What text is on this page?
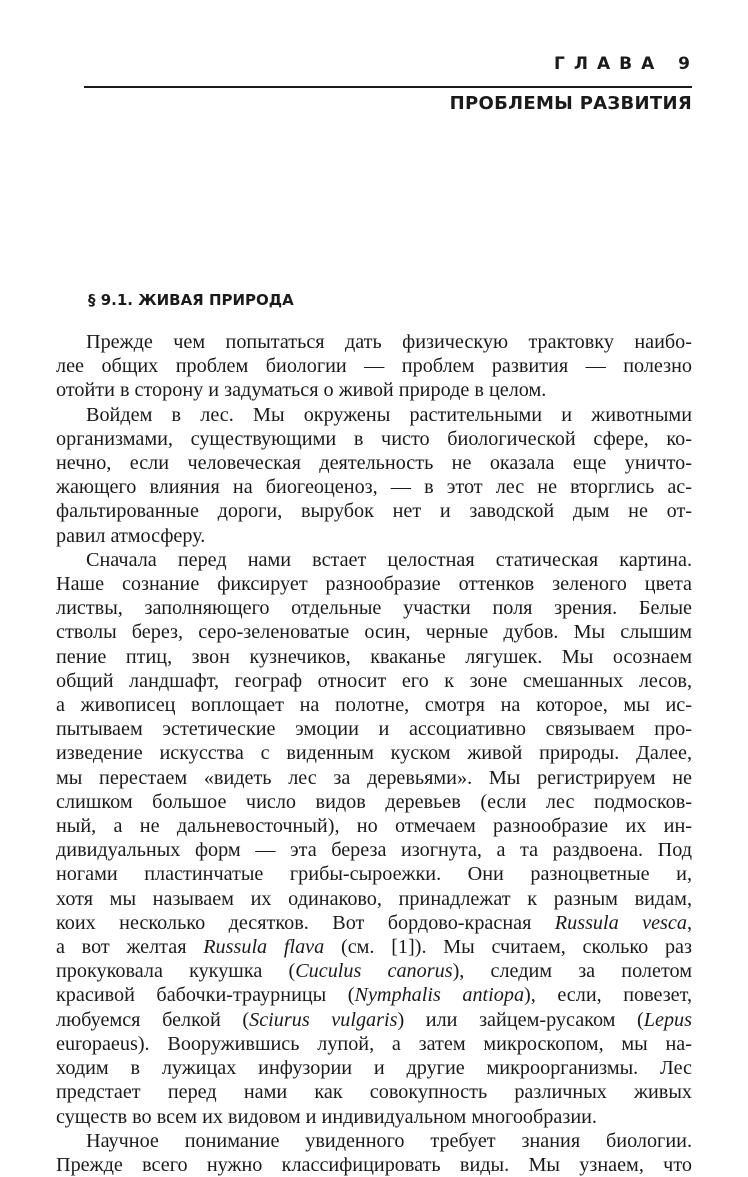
ГЛАВА 9
ПРОБЛЕМЫ РАЗВИТИЯ
§ 9.1. ЖИВАЯ ПРИРОДА

Прежде чем попытаться дать физическую трактовку наибо-
лее общих проблем биологии — проблем развития — полезно
отойти в сторону и задуматься о живой природе в целом.

Войдем в лес. Мы окружены растительными и животными
организмами, существующими в чисто биологической сфере, ко-
нечно, если человеческая деятельность не оказала еще уничто-
жающего влияния на биогеоценоз, — в этот лес не вторглись ас-
фальтированные дороги, вырубок нет и заводской дым не от-
равил атмосферу.

Сначала перед нами встает целостная статическая картина.
Наше сознание фиксирует разнообразие оттенков зеленого цвета
листвы, заполняющего отдельные участки поля зрения. Белые
стволы берез, серо-зеленоватые осин, черные дубов. Мы слышим
пение птиц, звон кузнечиков, кваканье лягушек. Мы осознаем
общий ландшафт, географ относит его к зоне смешанных лесов,
а живописец воплощает на полотне, смотря на которое, мы ис-
пытываем эстетические эмоции и ассоциативно связываем про-
изведение искусства с виденным куском живой природы. Далее,
мы перестаем «видеть лес за деревьями». Мы регистрируем не
слишком большое число видов деревьев (если лес подмосков-
ный, а не дальневосточный), но отмечаем разнообразие их ин-
дивидуальных форм — эта береза изогнута, а та раздвоена. Под
ногами пластинчатые грибы-сыроежки. Они разноцветные и,
хотя мы называем их одинаково, принадлежат к разным видам,
коих несколько десятков. Вот бордово-красная Russula vesca,
а вот желтая Russula flava (см. [1]). Мы считаем, сколько раз
прокуковала кукушка (Cuculus canorus), следим за полетом
красивой бабочки-траурницы (Nymphalis antiopa), если, повезет,
любуемся белкой (Sciurus vulgaris) или зайцем-русаком (Lepus
europaeus). Вооружившись лупой, а затем микроскопом, мы на-
ходим в лужицах инфузории и другие микроорганизмы. Лес
предстает перед нами как совокупность различных живых
существ во всем их видовом и индивидуальном многообразии.

Научное понимание увиденного требует знания биологии.
Прежде всего нужно классифицировать виды. Мы узнаем, что
